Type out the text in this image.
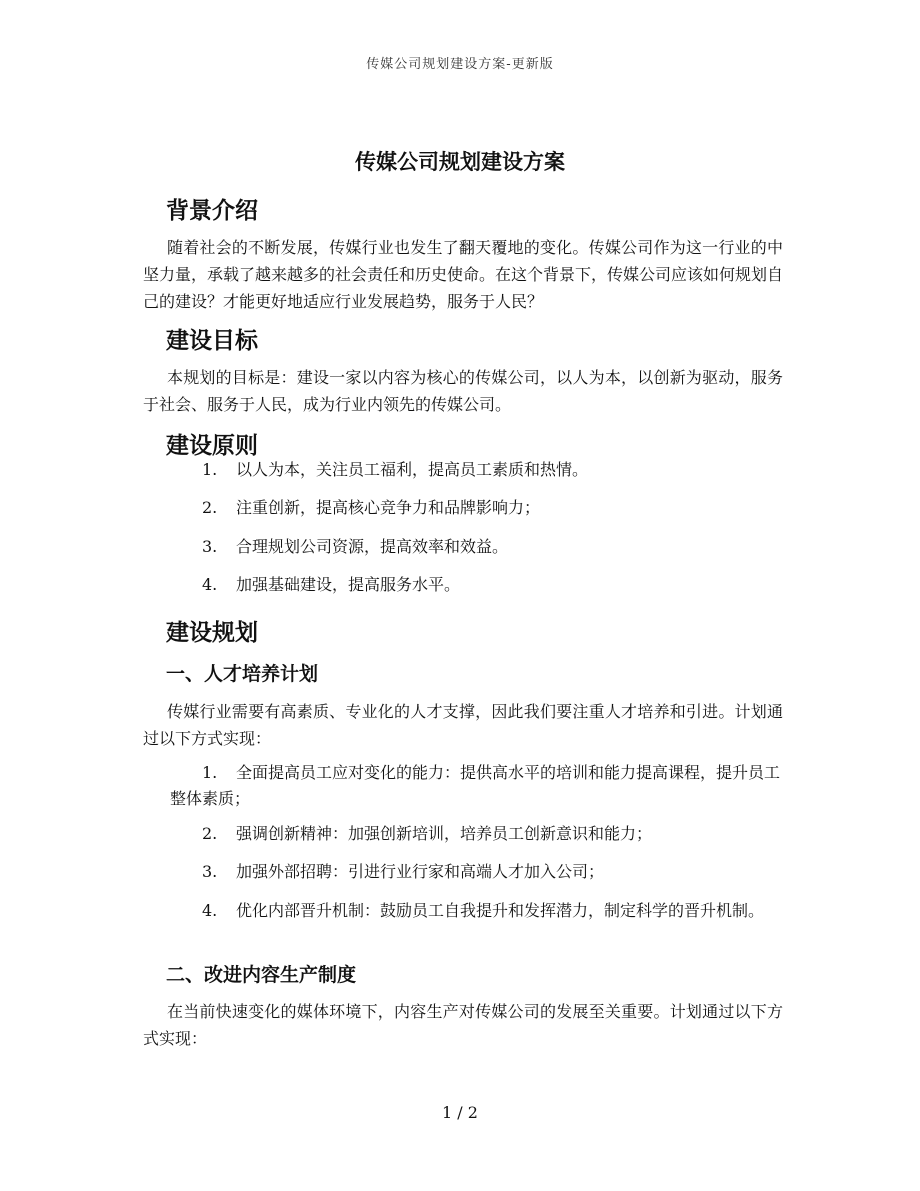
传媒公司规划建设方案-更新版
传媒公司规划建设方案
背景介绍
随着社会的不断发展，传媒行业也发生了翻天覆地的变化。传媒公司作为这一行业的中坚力量，承载了越来越多的社会责任和历史使命。在这个背景下，传媒公司应该如何规划自己的建设？才能更好地适应行业发展趋势，服务于人民？
建设目标
本规划的目标是：建设一家以内容为核心的传媒公司，以人为本，以创新为驱动，服务于社会、服务于人民，成为行业内领先的传媒公司。
建设原则
1. 以人为本，关注员工福利，提高员工素质和热情。
2. 注重创新，提高核心竞争力和品牌影响力；
3. 合理规划公司资源，提高效率和效益。
4. 加强基础建设，提高服务水平。
建设规划
一、人才培养计划
传媒行业需要有高素质、专业化的人才支撑，因此我们要注重人才培养和引进。计划通过以下方式实现：
1. 全面提高员工应对变化的能力：提供高水平的培训和能力提高课程，提升员工整体素质；
2. 强调创新精神：加强创新培训，培养员工创新意识和能力；
3. 加强外部招聘：引进行业行家和高端人才加入公司；
4. 优化内部晋升机制：鼓励员工自我提升和发挥潜力，制定科学的晋升机制。
二、改进内容生产制度
在当前快速变化的媒体环境下，内容生产对传媒公司的发展至关重要。计划通过以下方式实现：
1 / 2
